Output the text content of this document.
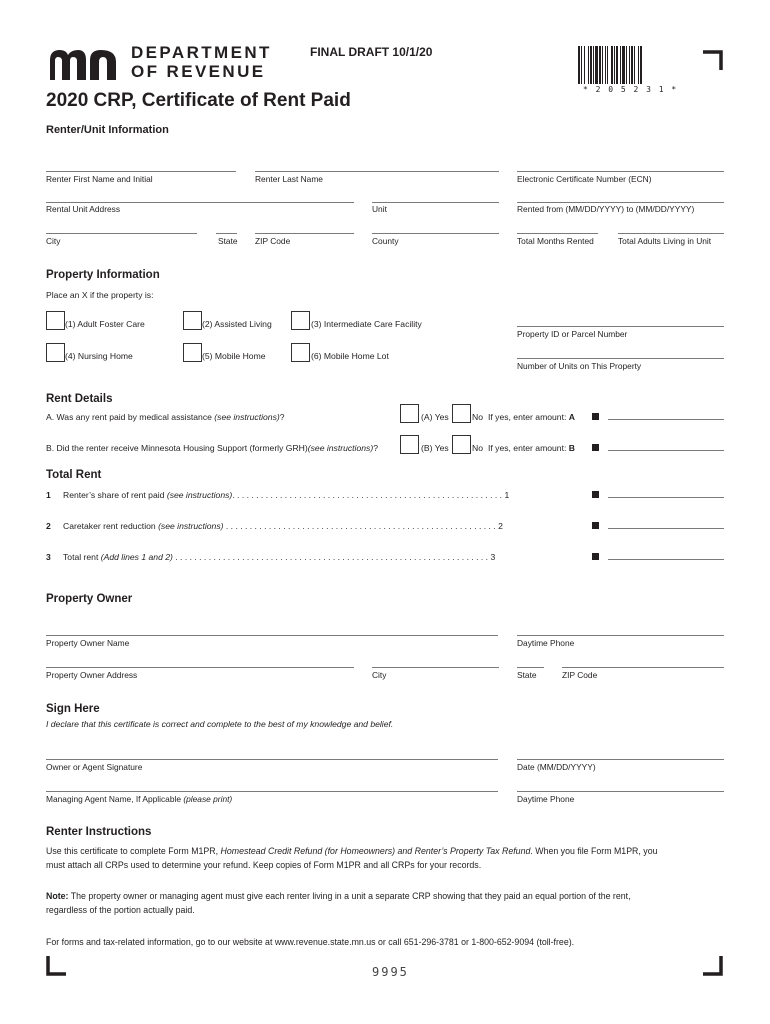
DEPARTMENT
OF REVENUE
FINAL DRAFT 10/1/20
* 2 0 5 2 3 1 *
2020 CRP, Certificate of Rent Paid
Renter/Unit Information
Renter First Name and Initial	Renter Last Name	Electronic Certificate Number (ECN)
Rental Unit Address	Unit	Rented from (MM/DD/YYYY) to (MM/DD/YYYY)
City	State ZIP Code	County	Total Months Rented	Total Adults Living in Unit
Property Information
Place an X if the property is:
(1) Adult Foster Care	(2) Assisted Living	(3) Intermediate Care Facility
(4) Nursing Home	(5) Mobile Home	(6) Mobile Home Lot
Property ID or Parcel Number
Number of Units on This Property
Rent Details
A. Was any rent paid by medical assistance (see instructions)?	(A) Yes	No If yes, enter amount: A
B. Did the renter receive Minnesota Housing Support (formerly GRH)(see instructions)?	(B) Yes	No If yes, enter amount: B
Total Rent
1 Renter’s share of rent paid (see instructions). . . . . . . . . . . . . . . . . . . . . . . . . . . . . . . . . . . . . . . . . . . . . . . . . . . . . . . . . 1
2 Caretaker rent reduction (see instructions) . . . . . . . . . . . . . . . . . . . . . . . . . . . . . . . . . . . . . . . . . . . . . . . . . . . . . . . . . 2
3 Total rent (Add lines 1 and 2) . . . . . . . . . . . . . . . . . . . . . . . . . . . . . . . . . . . . . . . . . . . . . . . . . . . . . . . . . . . . . . . . . . 3
Property Owner
Property Owner Name	Daytime Phone
Property Owner Address	City	State	ZIP Code
Sign Here
I declare that this certificate is correct and complete to the best of my knowledge and belief.
Owner or Agent Signature	Date (MM/DD/YYYY)
Managing Agent Name, If Applicable (please print)	Daytime Phone
Renter Instructions
Use this certificate to complete Form M1PR, Homestead Credit Refund (for Homeowners) and Renter’s Property Tax Refund. When you file Form M1PR, you
must attach all CRPs used to determine your refund. Keep copies of Form M1PR and all CRPs for your records.
Note: The property owner or managing agent must give each renter living in a unit a separate CRP showing that they paid an equal portion of the rent,
regardless of the portion actually paid.
For forms and tax-related information, go to our website at www.revenue.state.mn.us or call 651-296-3781 or 1-800-652-9094 (toll-free).
9995
